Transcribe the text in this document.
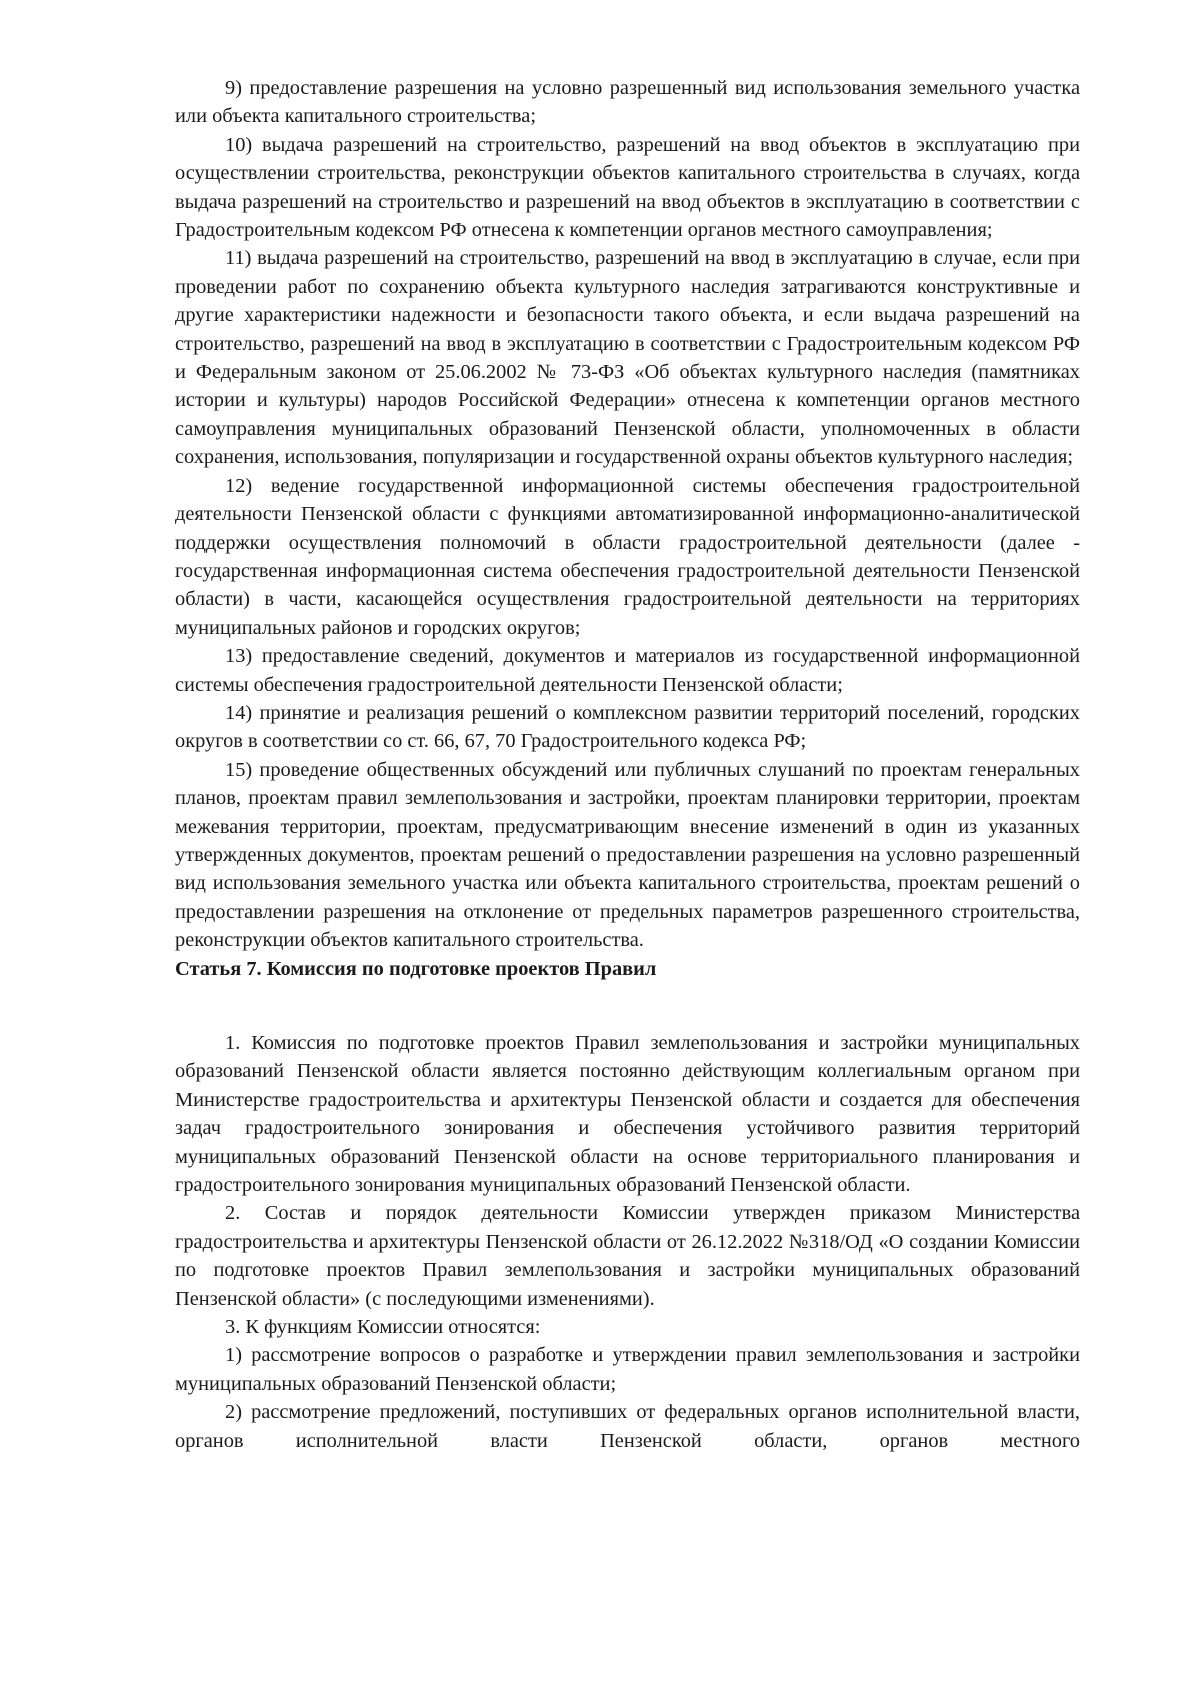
9) предоставление разрешения на условно разрешенный вид использования земельного участка или объекта капитального строительства;

10) выдача разрешений на строительство, разрешений на ввод объектов в эксплуатацию при осуществлении строительства, реконструкции объектов капитального строительства в случаях, когда выдача разрешений на строительство и разрешений на ввод объектов в эксплуатацию в соответствии с Градостроительным кодексом РФ отнесена к компетенции органов местного самоуправления;

11) выдача разрешений на строительство, разрешений на ввод в эксплуатацию в случае, если при проведении работ по сохранению объекта культурного наследия затрагиваются конструктивные и другие характеристики надежности и безопасности такого объекта, и если выдача разрешений на строительство, разрешений на ввод в эксплуатацию в соответствии с Градостроительным кодексом РФ и Федеральным законом от 25.06.2002 № 73-ФЗ «Об объектах культурного наследия (памятниках истории и культуры) народов Российской Федерации» отнесена к компетенции органов местного самоуправления муниципальных образований Пензенской области, уполномоченных в области сохранения, использования, популяризации и государственной охраны объектов культурного наследия;

12) ведение государственной информационной системы обеспечения градостроительной деятельности Пензенской области с функциями автоматизированной информационно-аналитической поддержки осуществления полномочий в области градостроительной деятельности (далее - государственная информационная система обеспечения градостроительной деятельности Пензенской области) в части, касающейся осуществления градостроительной деятельности на территориях муниципальных районов и городских округов;

13) предоставление сведений, документов и материалов из государственной информационной системы обеспечения градостроительной деятельности Пензенской области;

14) принятие и реализация решений о комплексном развитии территорий поселений, городских округов в соответствии со ст. 66, 67, 70 Градостроительного кодекса РФ;

15) проведение общественных обсуждений или публичных слушаний по проектам генеральных планов, проектам правил землепользования и застройки, проектам планировки территории, проектам межевания территории, проектам, предусматривающим внесение изменений в один из указанных утвержденных документов, проектам решений о предоставлении разрешения на условно разрешенный вид использования земельного участка или объекта капитального строительства, проектам решений о предоставлении разрешения на отклонение от предельных параметров разрешенного строительства, реконструкции объектов капитального строительства.

Статья 7. Комиссия по подготовке проектов Правил

1. Комиссия по подготовке проектов Правил землепользования и застройки муниципальных образований Пензенской области является постоянно действующим коллегиальным органом при Министерстве градостроительства и архитектуры Пензенской области и создается для обеспечения задач градостроительного зонирования и обеспечения устойчивого развития территорий муниципальных образований Пензенской области на основе территориального планирования и градостроительного зонирования муниципальных образований Пензенской области.

2. Состав и порядок деятельности Комиссии утвержден приказом Министерства градостроительства и архитектуры Пензенской области от 26.12.2022 №318/ОД «О создании Комиссии по подготовке проектов Правил землепользования и застройки муниципальных образований Пензенской области» (с последующими изменениями).

3. К функциям Комиссии относятся:

1) рассмотрение вопросов о разработке и утверждении правил землепользования и застройки муниципальных образований Пензенской области;

2) рассмотрение предложений, поступивших от федеральных органов исполнительной власти, органов исполнительной власти Пензенской области, органов местного
